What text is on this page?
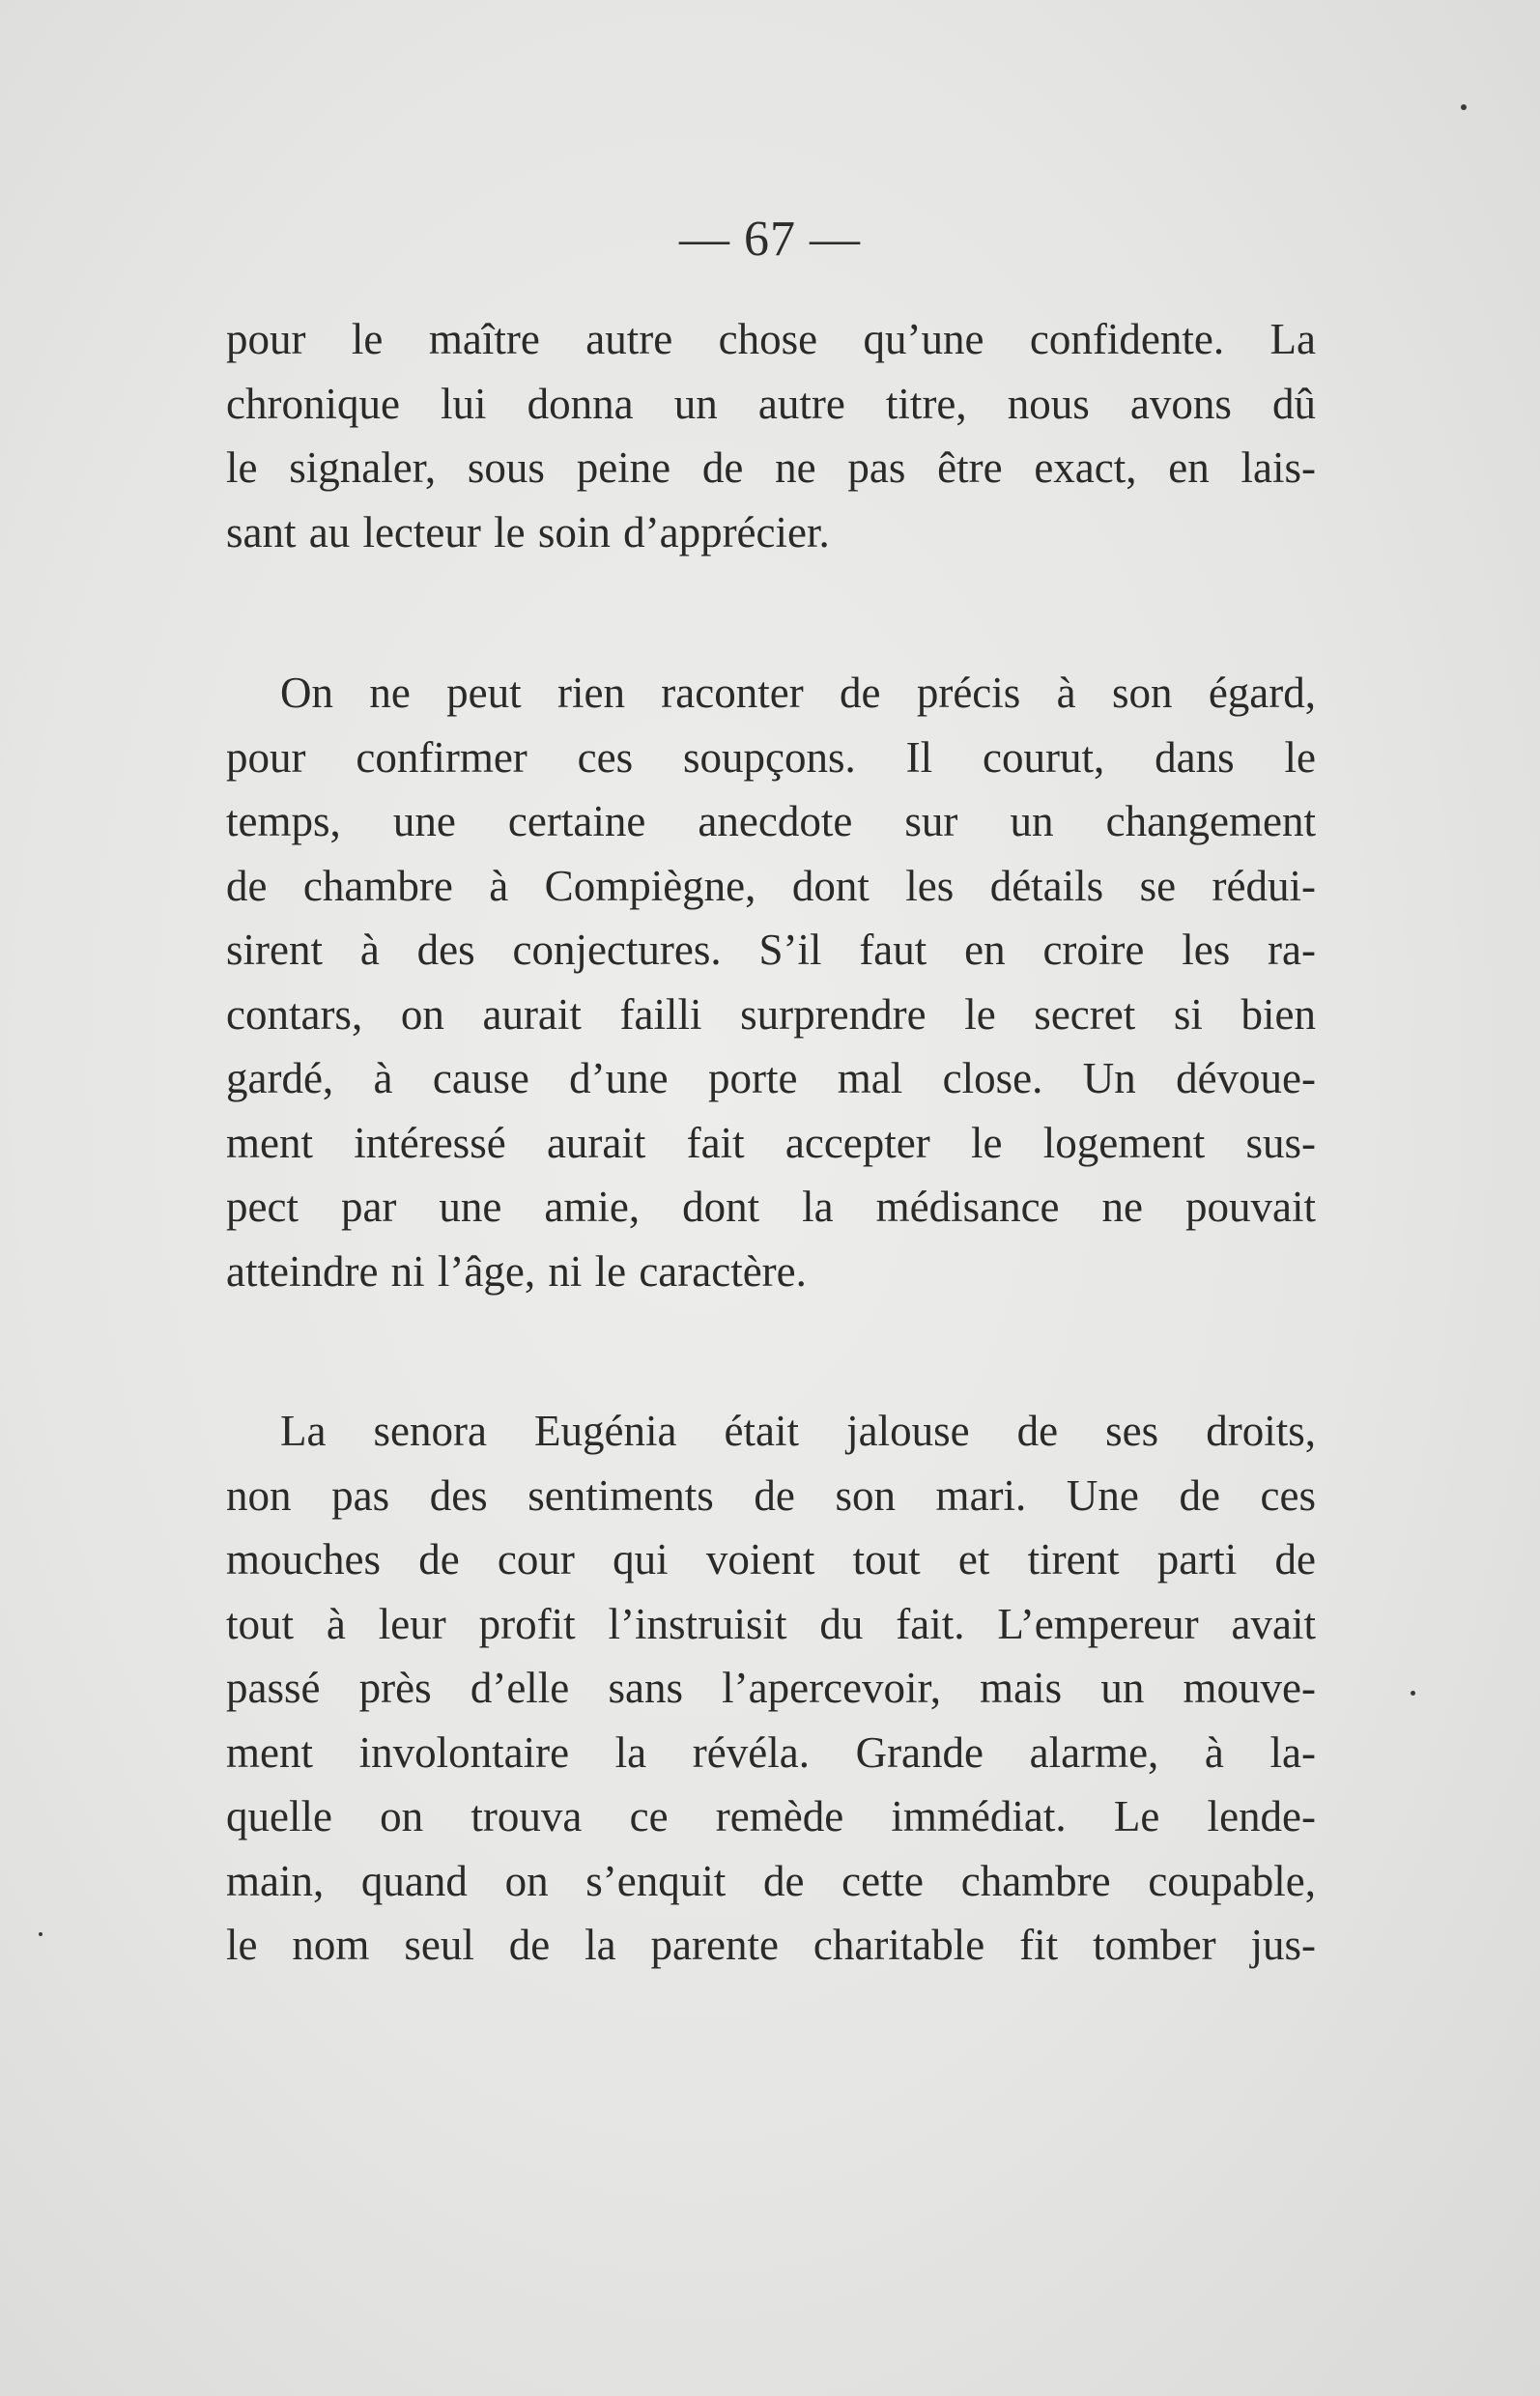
— 67 —
pour le maître autre chose qu’une confidente. La
chronique lui donna un autre titre, nous avons dû
le signaler, sous peine de ne pas être exact, en lais-
sant au lecteur le soin d’apprécier.
On ne peut rien raconter de précis à son égard,
pour confirmer ces soupçons. Il courut, dans le
temps, une certaine anecdote sur un changement
de chambre à Compiègne, dont les détails se rédui-
sirent à des conjectures. S’il faut en croire les ra-
contars, on aurait failli surprendre le secret si bien
gardé, à cause d’une porte mal close. Un dévoue-
ment intéressé aurait fait accepter le logement sus-
pect par une amie, dont la médisance ne pouvait
atteindre ni l’âge, ni le caractère.
La senora Eugénia était jalouse de ses droits,
non pas des sentiments de son mari. Une de ces
mouches de cour qui voient tout et tirent parti de
tout à leur profit l’instruisit du fait. L’empereur avait
passé près d’elle sans l’apercevoir, mais un mouve-
ment involontaire la révéla. Grande alarme, à la-
quelle on trouva ce remède immédiat. Le lende-
main, quand on s’enquit de cette chambre coupable,
le nom seul de la parente charitable fit tomber jus-
